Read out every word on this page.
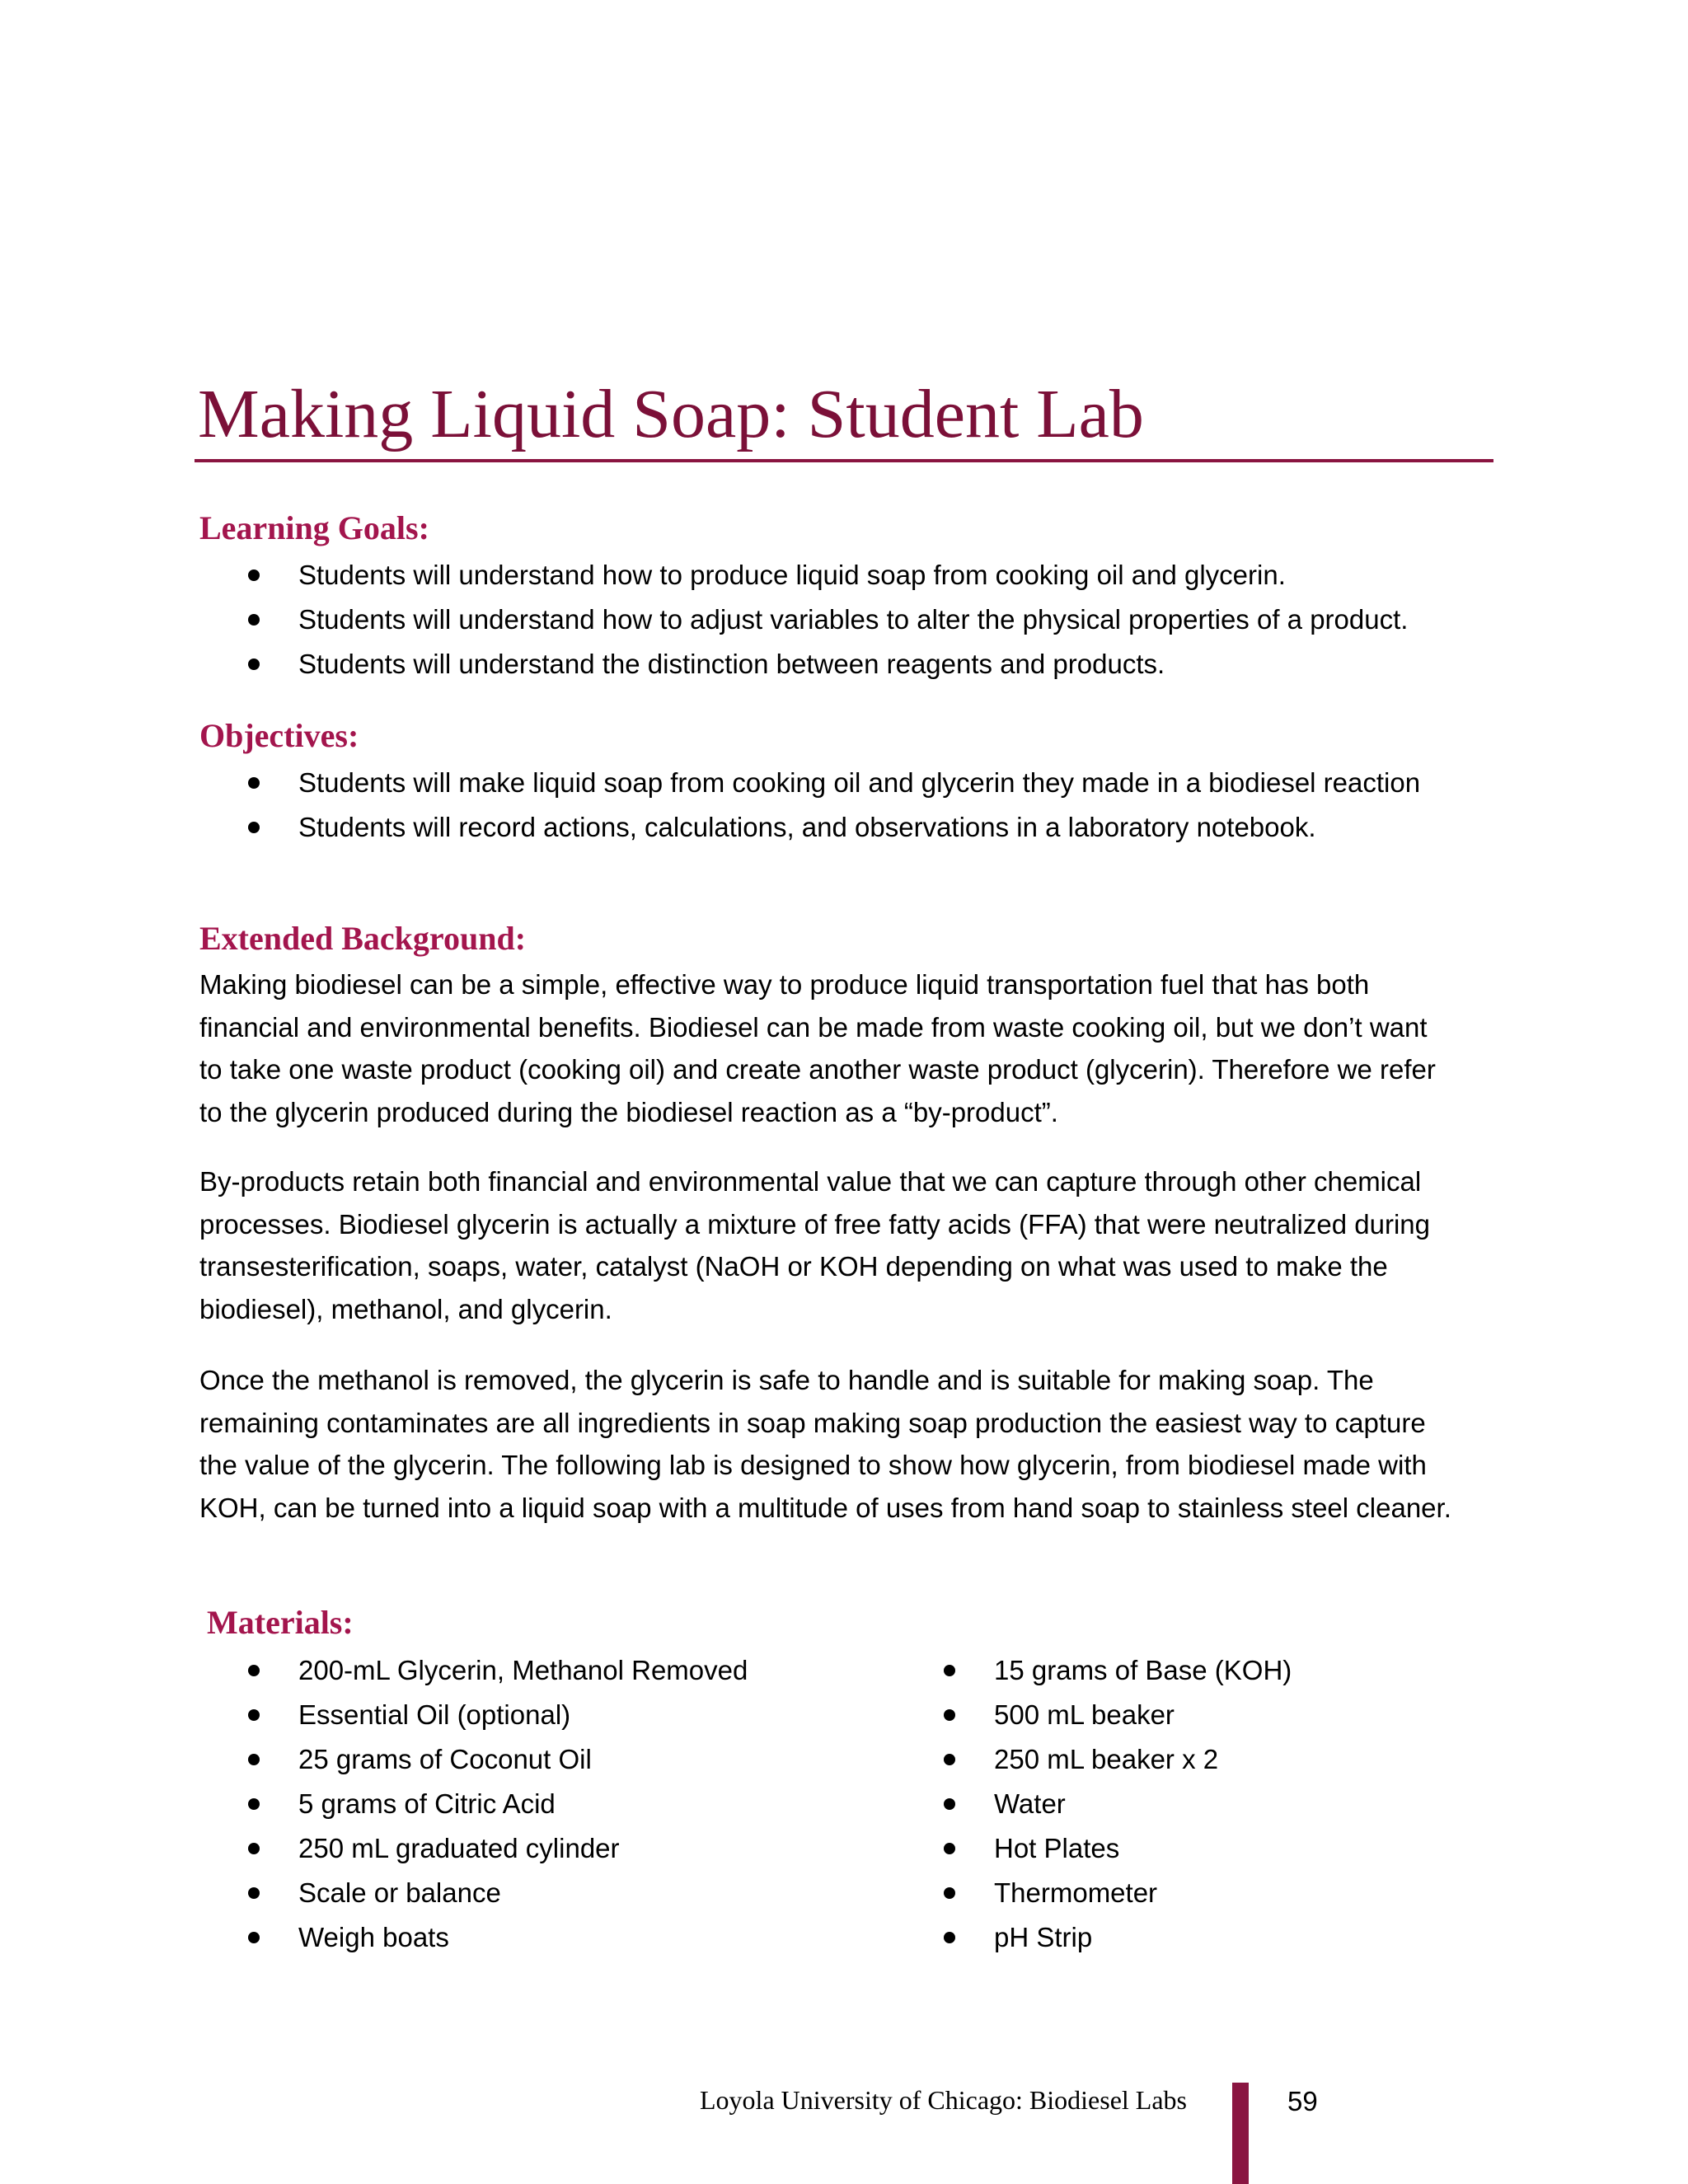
Making Liquid Soap: Student Lab
Learning Goals:
Students will understand how to produce liquid soap from cooking oil and glycerin.
Students will understand how to adjust variables to alter the physical properties of a product.
Students will understand the distinction between reagents and products.
Objectives:
Students will make liquid soap from cooking oil and glycerin they made in a biodiesel reaction
Students will record actions, calculations, and observations in a laboratory notebook.
Extended Background:

Making biodiesel can be a simple, effective way to produce liquid transportation fuel that has both
financial and environmental benefits. Biodiesel can be made from waste cooking oil, but we don’t want
to take one waste product (cooking oil) and create another waste product (glycerin). Therefore we refer
to the glycerin produced during the biodiesel reaction as a “by-product”.

By-products retain both financial and environmental value that we can capture through other chemical
processes. Biodiesel glycerin is actually a mixture of free fatty acids (FFA) that were neutralized during
transesterification, soaps, water, catalyst (NaOH or KOH depending on what was used to make the
biodiesel), methanol, and glycerin.

Once the methanol is removed, the glycerin is safe to handle and is suitable for making soap. The
remaining contaminates are all ingredients in soap making soap production the easiest way to capture
the value of the glycerin. The following lab is designed to show how glycerin, from biodiesel made with
KOH, can be turned into a liquid soap with a multitude of uses from hand soap to stainless steel cleaner.

Materials:
200-mL Glycerin, Methanol Removed
Essential Oil (optional)
25 grams of Coconut Oil
5 grams of Citric Acid
250 mL graduated cylinder
Scale or balance
Weigh boats
15 grams of Base (KOH)
500 mL beaker
250 mL beaker x 2
Water
Hot Plates
Thermometer
pH Strip
Loyola University of Chicago: Biodiesel Labs	59
